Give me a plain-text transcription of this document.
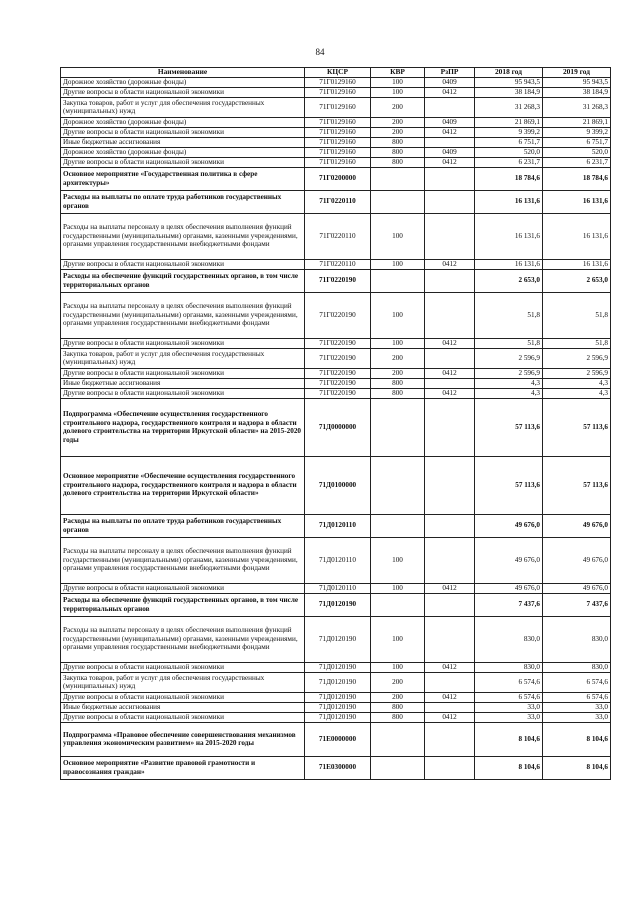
84
Наименование	КЦСР	КВР	РзПР	2018 год	2019 год
Дорожное хозяйство (дорожные фонды)	71Г0129160	100	0409	95 943,5	95 943,5
Другие вопросы в области национальной экономики	71Г0129160	100	0412	38 184,9	38 184,9
Закупка товаров, работ и услуг для обеспечения государственных (муниципальных) нужд	71Г0129160	200		31 268,3	31 268,3
Дорожное хозяйство (дорожные фонды)	71Г0129160	200	0409	21 869,1	21 869,1
Другие вопросы в области национальной экономики	71Г0129160	200	0412	9 399,2	9 399,2
Иные бюджетные ассигнования	71Г0129160	800		6 751,7	6 751,7
Дорожное хозяйство (дорожные фонды)	71Г0129160	800	0409	520,0	520,0
Другие вопросы в области национальной экономики	71Г0129160	800	0412	6 231,7	6 231,7
Основное мероприятие «Государственная политика в сфере архитектуры»	71Г0200000			18 784,6	18 784,6
Расходы на выплаты по оплате труда работников государственных органов	71Г0220110			16 131,6	16 131,6
Расходы на выплаты персоналу в целях обеспечения выполнения функций государственными (муниципальными) органами, казенными учреждениями, органами управления государственными внебюджетными фондами	71Г0220110	100		16 131,6	16 131,6
Другие вопросы в области национальной экономики	71Г0220110	100	0412	16 131,6	16 131,6
Расходы на обеспечение функций государственных органов, в том числе территориальных органов	71Г0220190			2 653,0	2 653,0
Расходы на выплаты персоналу в целях обеспечения выполнения функций государственными (муниципальными) органами, казенными учреждениями, органами управления государственными внебюджетными фондами	71Г0220190	100		51,8	51,8
Другие вопросы в области национальной экономики	71Г0220190	100	0412	51,8	51,8
Закупка товаров, работ и услуг для обеспечения государственных (муниципальных) нужд	71Г0220190	200		2 596,9	2 596,9
Другие вопросы в области национальной экономики	71Г0220190	200	0412	2 596,9	2 596,9
Иные бюджетные ассигнования	71Г0220190	800		4,3	4,3
Другие вопросы в области национальной экономики	71Г0220190	800	0412	4,3	4,3
Подпрограмма «Обеспечение осуществления государственного строительного надзора, государственного контроля и надзора в области долевого строительства на территории Иркутской области» на 2015-2020 годы	71Д0000000			57 113,6	57 113,6
Основное мероприятие «Обеспечение осуществления государственного строительного надзора, государственного контроля и надзора в области долевого строительства на территории Иркутской области»	71Д0100000			57 113,6	57 113,6
Расходы на выплаты по оплате труда работников государственных органов	71Д0120110			49 676,0	49 676,0
Расходы на выплаты персоналу в целях обеспечения выполнения функций государственными (муниципальными) органами, казенными учреждениями, органами управления государственными внебюджетными фондами	71Д0120110	100		49 676,0	49 676,0
Другие вопросы в области национальной экономики	71Д0120110	100	0412	49 676,0	49 676,0
Расходы на обеспечение функций государственных органов, в том числе территориальных органов	71Д0120190			7 437,6	7 437,6
Расходы на выплаты персоналу в целях обеспечения выполнения функций государственными (муниципальными) органами, казенными учреждениями, органами управления государственными внебюджетными фондами	71Д0120190	100		830,0	830,0
Другие вопросы в области национальной экономики	71Д0120190	100	0412	830,0	830,0
Закупка товаров, работ и услуг для обеспечения государственных (муниципальных) нужд	71Д0120190	200		6 574,6	6 574,6
Другие вопросы в области национальной экономики	71Д0120190	200	0412	6 574,6	6 574,6
Иные бюджетные ассигнования	71Д0120190	800		33,0	33,0
Другие вопросы в области национальной экономики	71Д0120190	800	0412	33,0	33,0
Подпрограмма «Правовое обеспечение совершенствования механизмов управления экономическим развитием» на 2015-2020 годы	71Е0000000			8 104,6	8 104,6
Основное мероприятие «Развитие правовой грамотности и правосознания граждан»	71Е0300000			8 104,6	8 104,6
